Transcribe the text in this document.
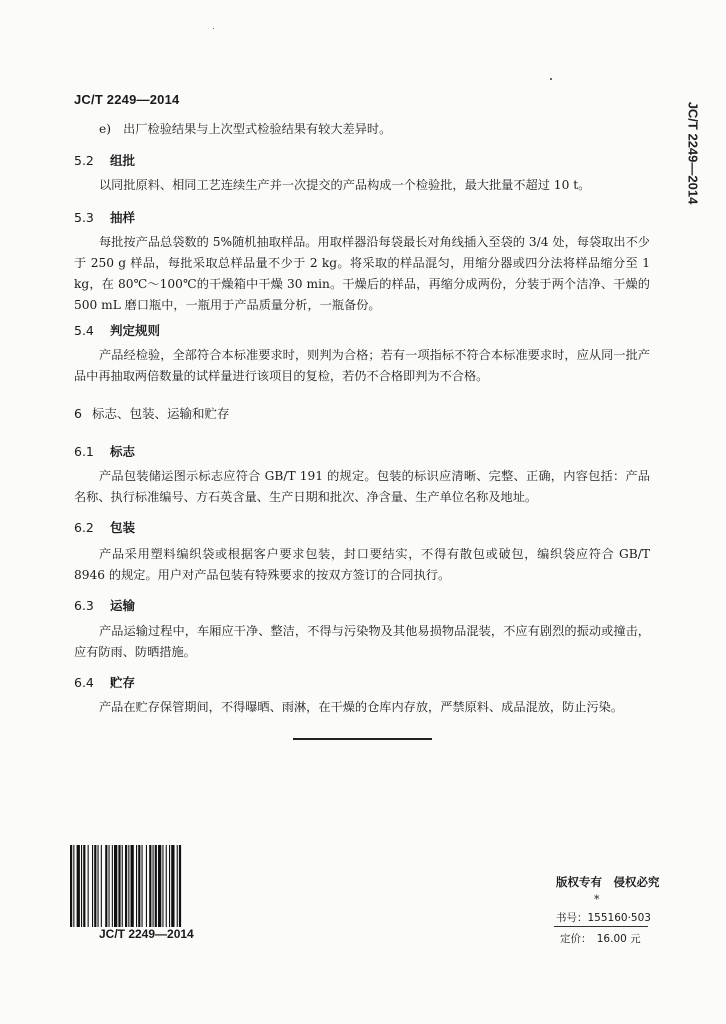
JC/T 2249—2014
JC/T 2249—2014
e)　出厂检验结果与上次型式检验结果有较大差异时。
5.2 组批

以同批原料、相同工艺连续生产并一次提交的产品构成一个检验批，最大批量不超过 10 t。

5.3 抽样

每批按产品总袋数的 5%随机抽取样品。用取样器沿每袋最长对角线插入至袋的 3/4 处，每袋取出不少于 250 g 样品，每批采取总样品量不少于 2 kg。将采取的样品混匀，用缩分器或四分法将样品缩分至 1 kg，在 80℃～100℃的干燥箱中干燥 30 min。干燥后的样品，再缩分成两份，分装于两个洁净、干燥的 500 mL 磨口瓶中，一瓶用于产品质量分析，一瓶备份。

5.4 判定规则

产品经检验，全部符合本标准要求时，则判为合格；若有一项指标不符合本标准要求时，应从同一批产品中再抽取两倍数量的试样量进行该项目的复检，若仍不合格即判为不合格。

6 标志、包装、运输和贮存
6.1 标志

产品包装储运图示标志应符合 GB/T 191 的规定。包装的标识应清晰、完整、正确，内容包括：产品名称、执行标准编号、方石英含量、生产日期和批次、净含量、生产单位名称及地址。

6.2 包装

产品采用塑料编织袋或根据客户要求包装，封口要结实，不得有散包或破包，编织袋应符合 GB/T 8946 的规定。用户对产品包装有特殊要求的按双方签订的合同执行。

6.3 运输

产品运输过程中，车厢应干净、整洁，不得与污染物及其他易损物品混装，不应有剧烈的振动或撞击，应有防雨、防晒措施。

6.4 贮存

产品在贮存保管期间，不得曝晒、雨淋，在干燥的仓库内存放，严禁原料、成品混放，防止污染。

JC/T 2249—2014
版权专有　侵权必究
*
书号：155160·503
定价：　16.00 元
